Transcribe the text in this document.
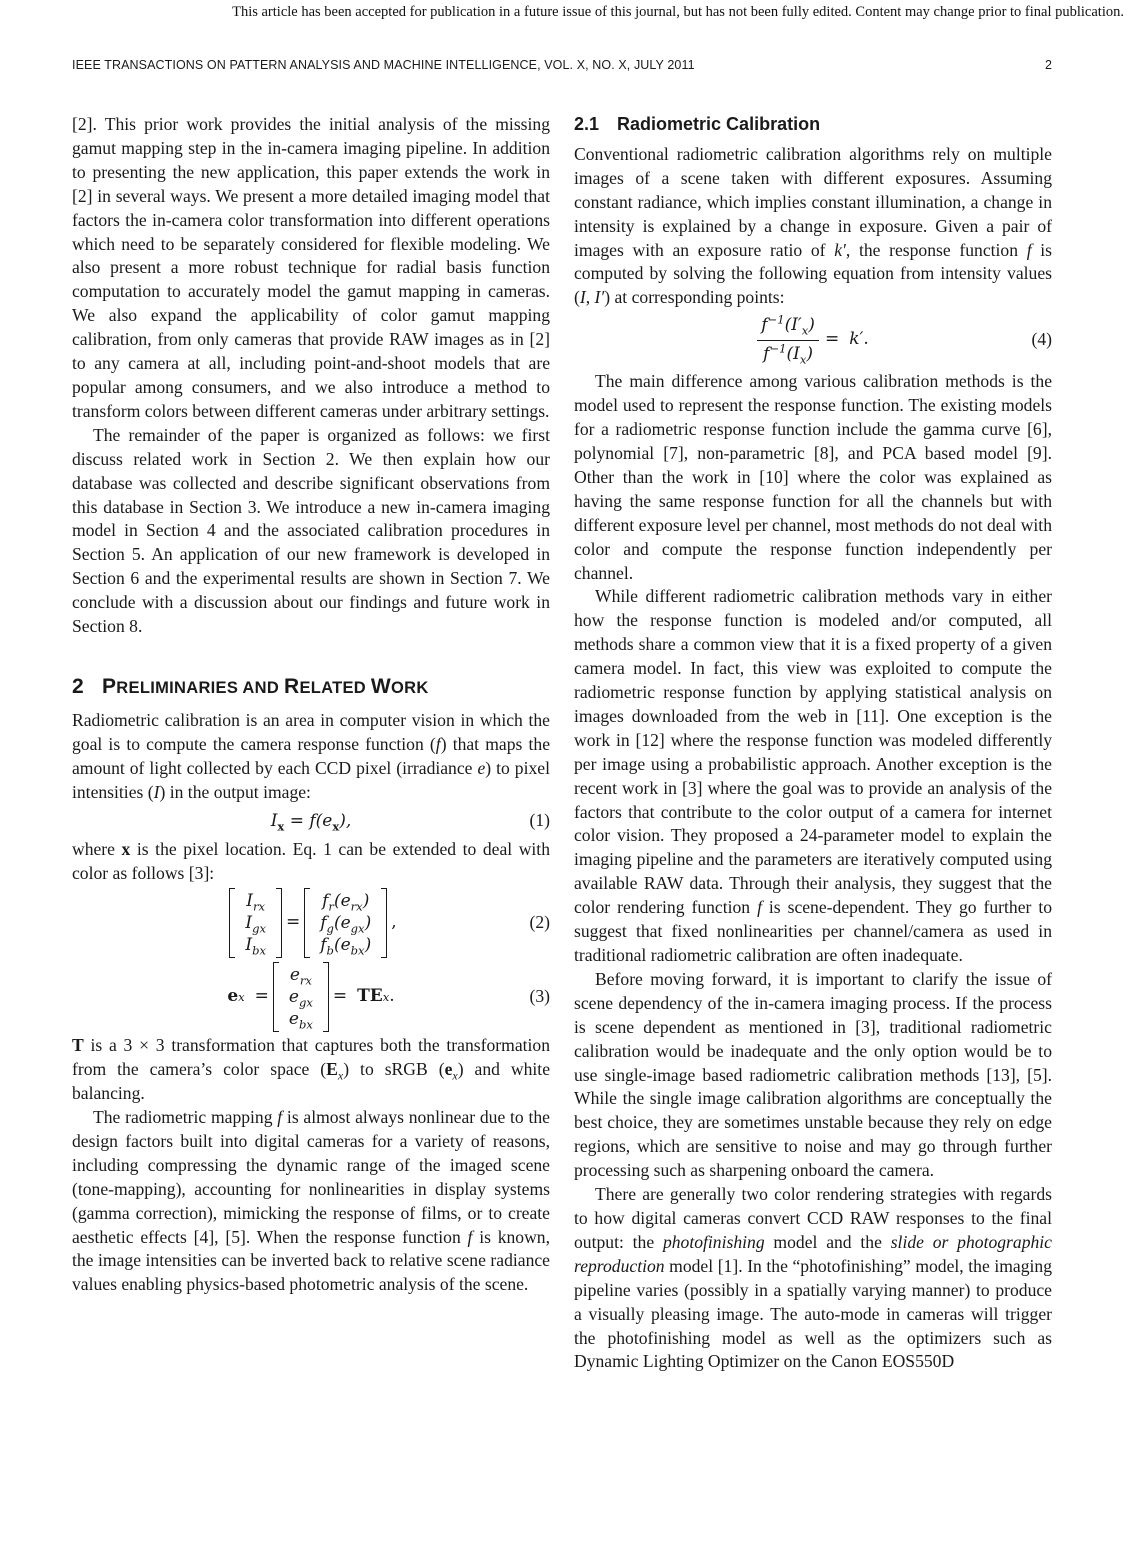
This article has been accepted for publication in a future issue of this journal, but has not been fully edited. Content may change prior to final publication.
IEEE TRANSACTIONS ON PATTERN ANALYSIS AND MACHINE INTELLIGENCE, VOL. X, NO. X, JULY 2011	2

[2]. This prior work provides the initial analysis of the missing gamut mapping step in the in-camera imaging pipeline. In addition to presenting the new application, this paper extends the work in [2] in several ways. We present a more detailed imaging model that factors the in-camera color transformation into different operations which need to be separately considered for flexible modeling. We also present a more robust technique for radial basis function computation to accurately model the gamut mapping in cameras. We also expand the applicability of color gamut mapping calibration, from only cameras that provide RAW images as in [2] to any camera at all, including point-and-shoot models that are popular among consumers, and we also introduce a method to transform colors between different cameras under arbitrary settings.

The remainder of the paper is organized as follows: we first discuss related work in Section 2. We then explain how our database was collected and describe significant observations from this database in Section 3. We introduce a new in-camera imaging model in Section 4 and the associated calibration procedures in Section 5. An application of our new framework is developed in Section 6 and the experimental results are shown in Section 7. We conclude with a discussion about our findings and future work in Section 8.

2 PRELIMINARIES AND RELATED WORK

Radiometric calibration is an area in computer vision in which the goal is to compute the camera response function (f) that maps the amount of light collected by each CCD pixel (irradiance e) to pixel intensities (I) in the output image:

$I_x = f(e_x)$,	(1)

where x is the pixel location. Eq. 1 can be extended to deal with color as follows [3]:

$I_{rx}$
$I_{gx}$
$I_{bx}$
=
$f_r(e_{rx})$
$f_g(e_{gx})$
$f_b(e_{bx})$
,	(2)
e x =
$e_{rx}$
$e_{gx}$
$e_{bx}$
= TE x .	(3)

T is a 3 × 3 transformation that captures both the transformation from the camera’s color space $(E_x)$ to sRGB $(e_x)$ and white balancing.

The radiometric mapping f is almost always nonlinear due to the design factors built into digital cameras for a variety of reasons, including compressing the dynamic range of the imaged scene (tone-mapping), accounting for nonlinearities in display systems (gamma correction), mimicking the response of films, or to create aesthetic effects [4], [5]. When the response function f is known, the image intensities can be inverted back to relative scene radiance values enabling physics-based photometric analysis of the scene.

2.1 Radiometric Calibration

Conventional radiometric calibration algorithms rely on multiple images of a scene taken with different exposures. Assuming constant radiance, which implies constant illumination, a change in intensity is explained by a change in exposure. Given a pair of images with an exposure ratio of k′, the response function f is computed by solving the following equation from intensity values (I, I′) at corresponding points:

$\frac{f^{-1}(I'_x)}{f^{-1}(I_x)} = k'$ .	(4)

The main difference among various calibration methods is the model used to represent the response function. The existing models for a radiometric response function include the gamma curve [6], polynomial [7], non-parametric [8], and PCA based model [9]. Other than the work in [10] where the color was explained as having the same response function for all the channels but with different exposure level per channel, most methods do not deal with color and compute the response function independently per channel.

While different radiometric calibration methods vary in either how the response function is modeled and/or computed, all methods share a common view that it is a fixed property of a given camera model. In fact, this view was exploited to compute the radiometric response function by applying statistical analysis on images downloaded from the web in [11]. One exception is the work in [12] where the response function was modeled differently per image using a probabilistic approach. Another exception is the recent work in [3] where the goal was to provide an analysis of the factors that contribute to the color output of a camera for internet color vision. They proposed a 24-parameter model to explain the imaging pipeline and the parameters are iteratively computed using available RAW data. Through their analysis, they suggest that the color rendering function f is scene-dependent. They go further to suggest that fixed nonlinearities per channel/camera as used in traditional radiometric calibration are often inadequate.

Before moving forward, it is important to clarify the issue of scene dependency of the in-camera imaging process. If the process is scene dependent as mentioned in [3], traditional radiometric calibration would be inadequate and the only option would be to use single-image based radiometric calibration methods [13], [5]. While the single image calibration algorithms are conceptually the best choice, they are sometimes unstable because they rely on edge regions, which are sensitive to noise and may go through further processing such as sharpening onboard the camera.

There are generally two color rendering strategies with regards to how digital cameras convert CCD RAW responses to the final output: the photofinishing model and the slide or photographic reproduction model [1]. In the “photofinishing” model, the imaging pipeline varies (possibly in a spatially varying manner) to produce a visually pleasing image. The auto-mode in cameras will trigger the photofinishing model as well as the optimizers such as Dynamic Lighting Optimizer on the Canon EOS550D
